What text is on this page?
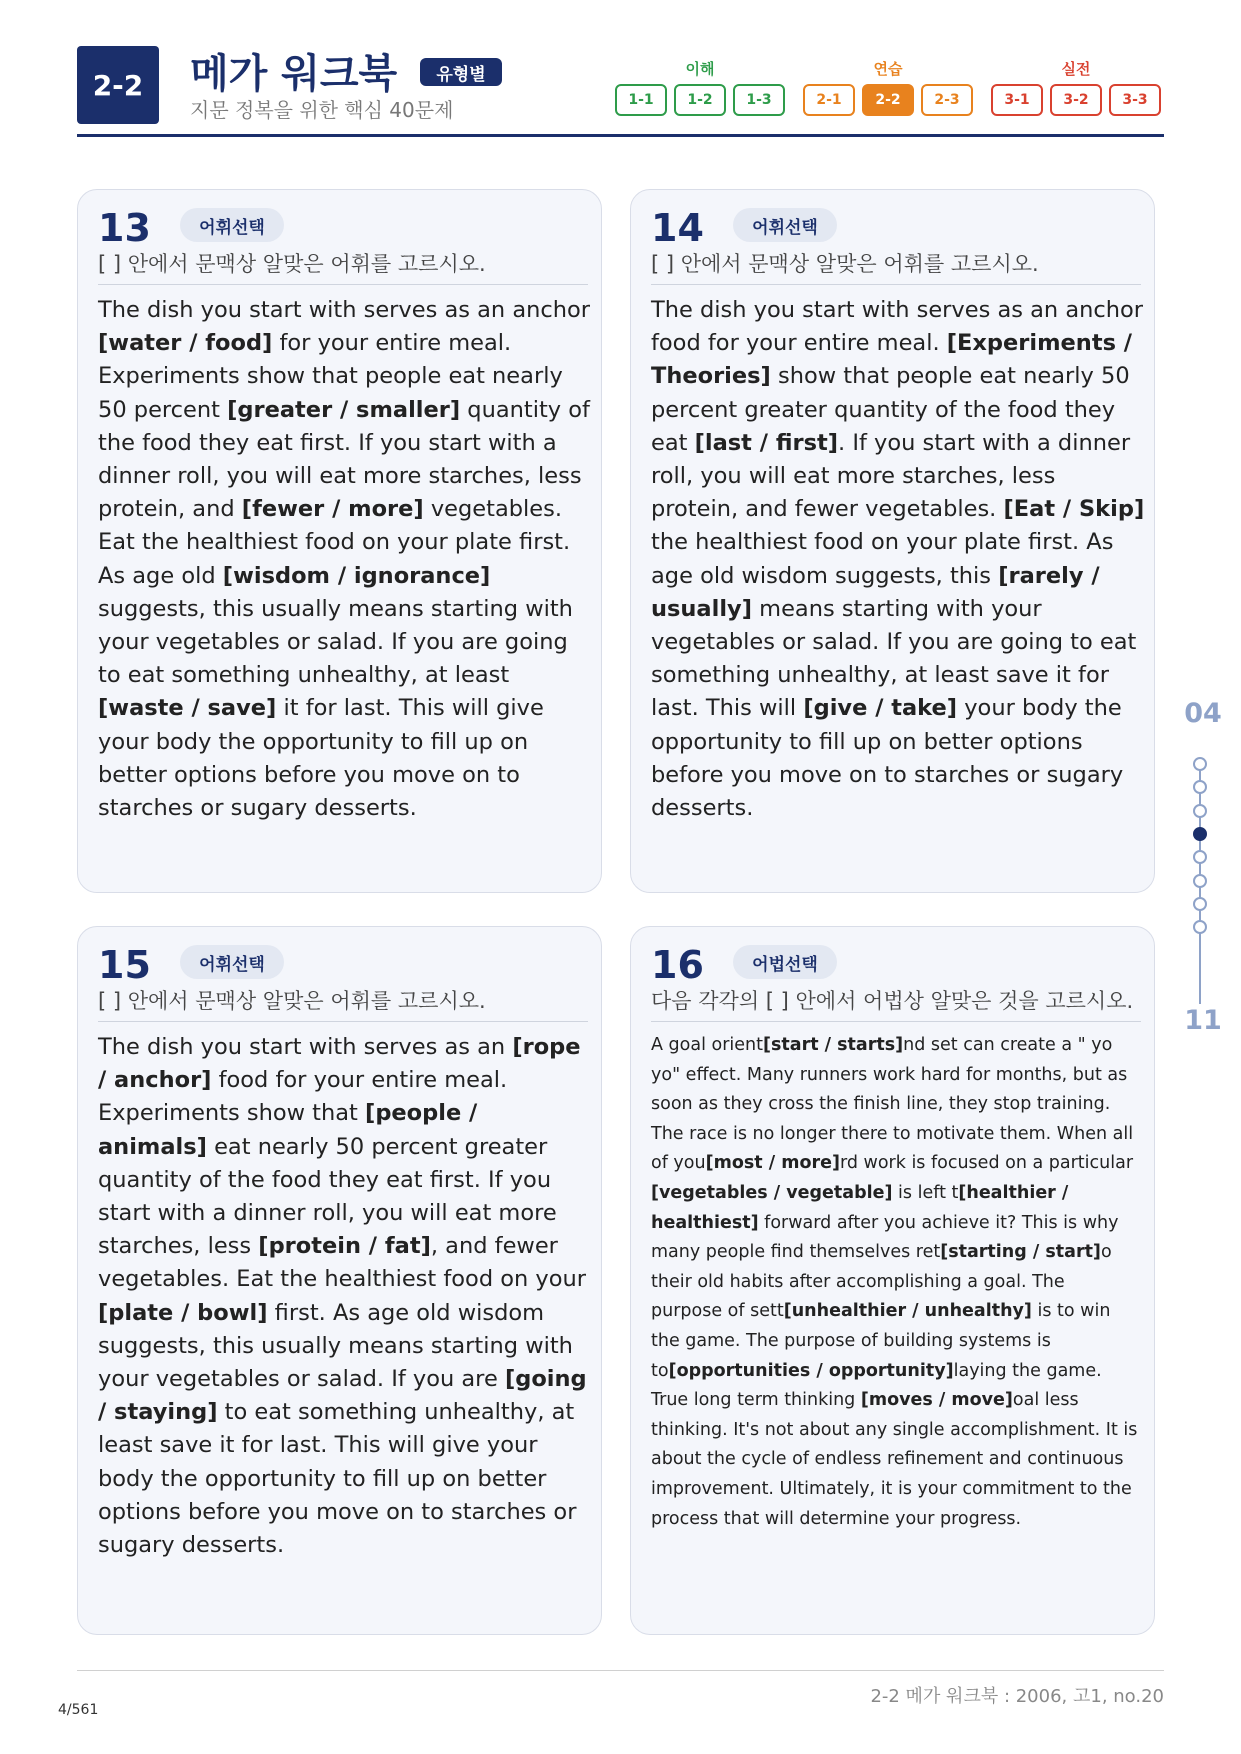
2-2	메가 워크북	유형별
지문 정복을 위한 핵심 40문제
이해
1-1	1-2	1-3
연습
2-1	2-2	2-3
실전
3-1	3-2	3-3
13	어휘선택
[ ] 안에서 문맥상 알맞은 어휘를 고르시오.
The dish you start with serves as an anchor [water / food] for your entire meal. Experiments show that people eat nearly 50 percent [greater / smaller] quantity of the food they eat first. If you start with a dinner roll, you will eat more starches, less protein, and [fewer / more] vegetables. Eat the healthiest food on your plate first. As age old [wisdom / ignorance] suggests, this usually means starting with your vegetables or salad. If you are going to eat something unhealthy, at least [waste / save] it for last. This will give your body the opportunity to fill up on better options before you move on to starches or sugary desserts.
14	어휘선택
[ ] 안에서 문맥상 알맞은 어휘를 고르시오.
The dish you start with serves as an anchor food for your entire meal. [Experiments / Theories] show that people eat nearly 50 percent greater quantity of the food they eat [last / first]. If you start with a dinner roll, you will eat more starches, less protein, and fewer vegetables. [Eat / Skip] the healthiest food on your plate first. As age old wisdom suggests, this [rarely / usually] means starting with your vegetables or salad. If you are going to eat something unhealthy, at least save it for last. This will [give / take] your body the opportunity to fill up on better options before you move on to starches or sugary desserts.
15	어휘선택
[ ] 안에서 문맥상 알맞은 어휘를 고르시오.
The dish you start with serves as an [rope / anchor] food for your entire meal. Experiments show that [people / animals] eat nearly 50 percent greater quantity of the food they eat first. If you start with a dinner roll, you will eat more starches, less [protein / fat], and fewer vegetables. Eat the healthiest food on your [plate / bowl] first. As age old wisdom suggests, this usually means starting with your vegetables or salad. If you are [going / staying] to eat something unhealthy, at least save it for last. This will give your body the opportunity to fill up on better options before you move on to starches or sugary desserts.
16	어법선택
다음 각각의 [ ] 안에서 어법상 알맞은 것을 고르시오.
A goal orient[start / starts]nd set can create a " yo yo" effect. Many runners work hard for months, but as soon as they cross the finish line, they stop training. The race is no longer there to motivate them. When all of you[most / more]rd work is focused on a particular [vegetables / vegetable] is left t[healthier / healthiest] forward after you achieve it? This is why many people find themselves ret[starting / start]o their old habits after accomplishing a goal. The purpose of sett[unhealthier / unhealthy] is to win the game. The purpose of building systems is to[opportunities / opportunity]laying the game. True long term thinking [moves / move]oal less thinking. It's not about any single accomplishment. It is about the cycle of endless refinement and continuous improvement. Ultimately, it is your commitment to the process that will determine your progress.
04
11
2-2 메가 워크북 : 2006, 고1, no.20
4/561
